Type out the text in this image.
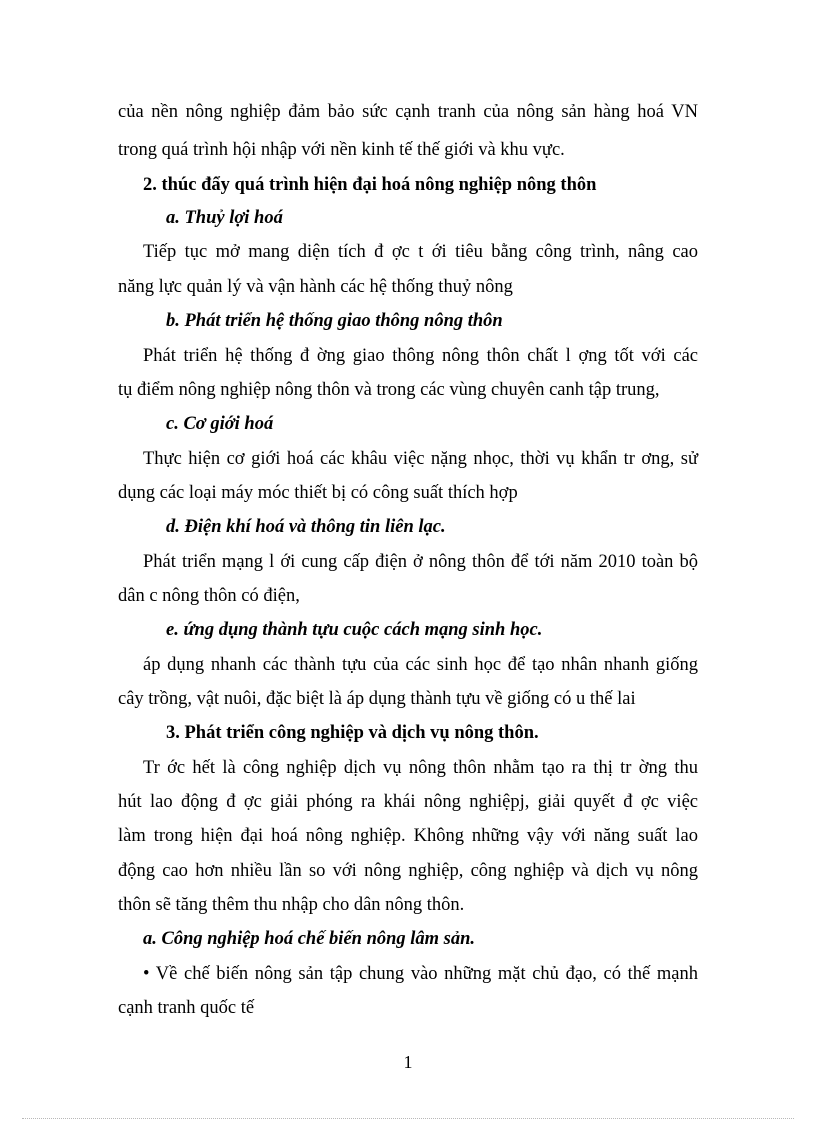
của nền nông nghiệp đảm bảo sức cạnh tranh của nông sản hàng hoá VN
trong quá trình hội nhập với nền kinh tế thế giới và khu vực.
2. thúc đẩy quá trình hiện đại hoá nông nghiệp nông thôn
a. Thuỷ lợi hoá
Tiếp tục mở mang diện tích đ ợc t ới tiêu bằng công trình, nâng cao
năng lực quản lý và vận hành các hệ thống thuỷ nông
b. Phát triển hệ thống giao thông nông thôn
Phát triển hệ thống đ ờng giao thông nông thôn chất l ợng tốt với các
tụ điểm nông nghiệp nông thôn và trong các vùng chuyên canh tập trung,
c. Cơ giới hoá
Thực hiện cơ giới hoá các khâu việc nặng nhọc, thời vụ khẩn tr ơng, sử
dụng các loại máy móc thiết bị có công suất thích hợp
d. Điện khí hoá và thông tin liên lạc.
Phát triển mạng l ới cung cấp điện ở nông thôn để tới năm 2010 toàn bộ
dân c nông thôn có điện,
e. ứng dụng thành tựu cuộc cách mạng sinh học.
áp dụng nhanh các thành tựu của các sinh học để tạo nhân nhanh giống
cây trồng, vật nuôi, đặc biệt là áp dụng thành tựu về giống có u thế lai
3. Phát triển công nghiệp và dịch vụ nông thôn.
Tr ớc hết là công nghiệp dịch vụ nông thôn nhằm tạo ra thị tr ờng thu
hút lao động đ ợc giải phóng ra khái nông nghiệpj, giải quyết đ ợc việc
làm trong hiện đại hoá nông nghiệp. Không những vậy với năng suất lao
động cao hơn nhiều lần so với nông nghiệp, công nghiệp và dịch vụ nông
thôn sẽ tăng thêm thu nhập cho dân nông thôn.
a. Công nghiệp hoá chế biến nông lâm sản.
• Về chế biến nông sản tập chung vào những mặt chủ đạo, có thế mạnh
cạnh tranh quốc tế
1
